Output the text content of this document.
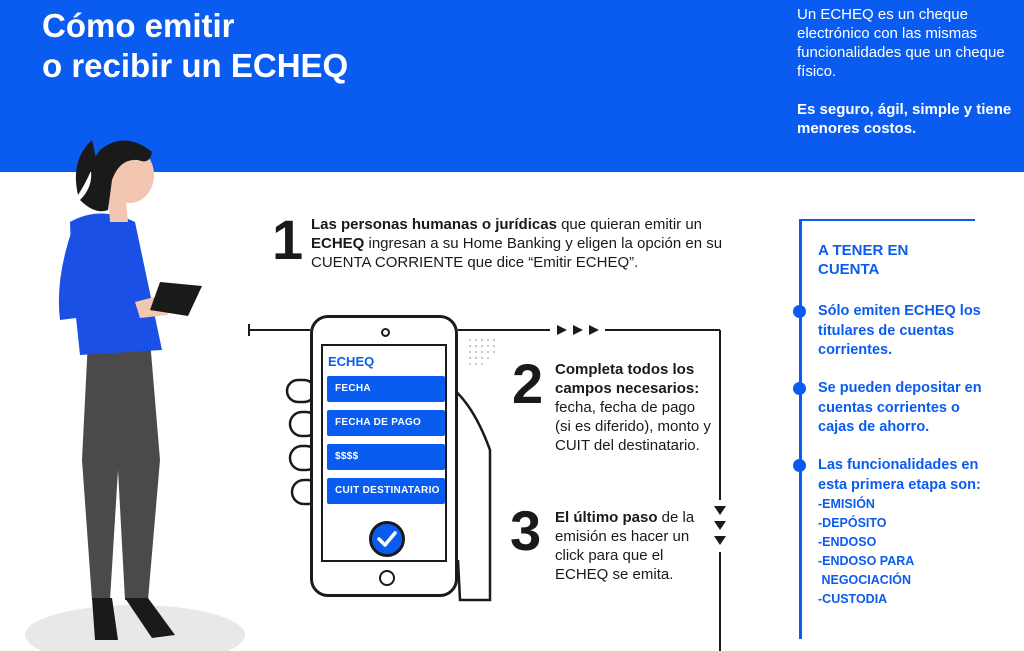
Cómo emitir
o recibir un ECHEQ
Un ECHEQ es un cheque electrónico con las mismas funcionalidades que un cheque físico.
Es seguro, ágil, simple y tiene menores costos.
1 Las personas humanas o jurídicas que quieran emitir un ECHEQ ingresan a su Home Banking y eligen la opción en su CUENTA CORRIENTE que dice “Emitir ECHEQ”.
ECHEQ
FECHA
FECHA DE PAGO
$$$$
CUIT DESTINATARIO
2 Completa todos los campos necesarios: fecha, fecha de pago (si es diferido), monto y CUIT del destinatario.
3 El último paso de la emisión es hacer un click para que el ECHEQ se emita.
A TENER EN CUENTA
Sólo emiten ECHEQ los titulares de cuentas corrientes.
Se pueden depositar en cuentas corrientes o cajas de ahorro.
Las funcionalidades en esta primera etapa son:
-EMISIÓN
-DEPÓSITO
-ENDOSO
-ENDOSO PARA
NEGOCIACIÓN
-CUSTODIA
